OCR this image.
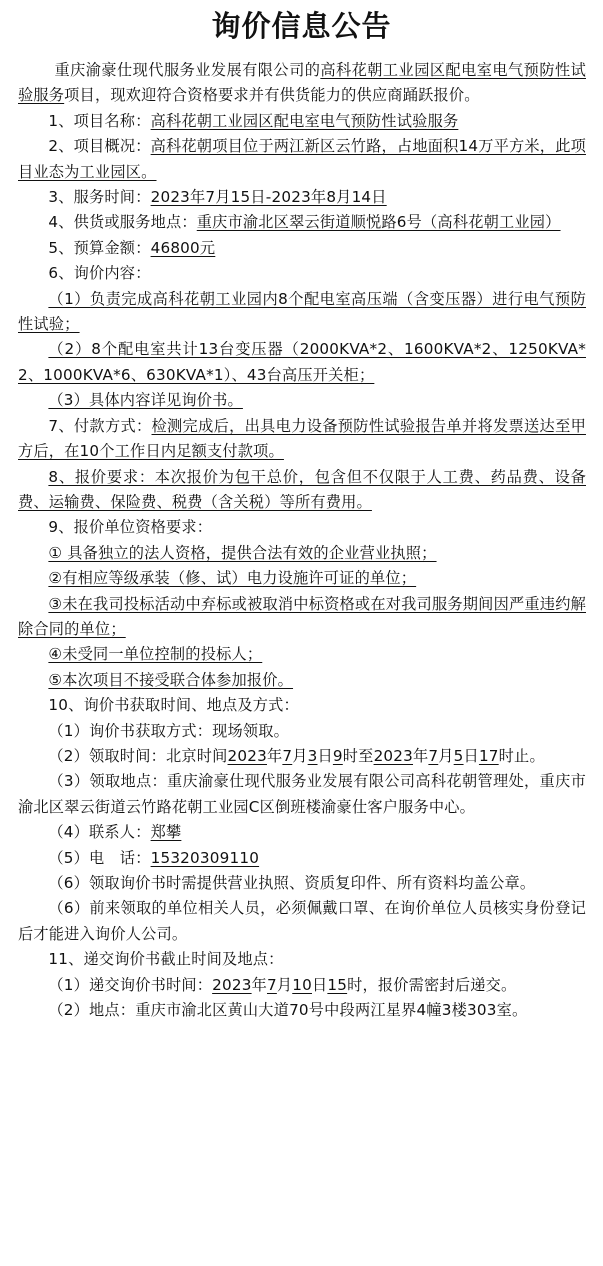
询价信息公告

重庆渝豪仕现代服务业发展有限公司的高科花朝工业园区配电室电气预防性试验服务项目，现欢迎符合资格要求并有供货能力的供应商踊跃报价。

1、项目名称：高科花朝工业园区配电室电气预防性试验服务

2、项目概况：高科花朝项目位于两江新区云竹路，占地面积14万平方米，此项目业态为工业园区。

3、服务时间：2023年7月15日-2023年8月14日

4、供货或服务地点：重庆市渝北区翠云街道顺悦路6号（高科花朝工业园）

5、预算金额：46800元

6、询价内容：

（1）负责完成高科花朝工业园内8个配电室高压端（含变压器）进行电气预防性试验；

（2）8个配电室共计13台变压器（2000KVA*2、1600KVA*2、1250KVA*2、1000KVA*6、630KVA*1）、43台高压开关柜；

（3）具体内容详见询价书。

7、付款方式：检测完成后，出具电力设备预防性试验报告单并将发票送达至甲方后，在10个工作日内足额支付款项。

8、报价要求：本次报价为包干总价，包含但不仅限于人工费、药品费、设备费、运输费、保险费、税费（含关税）等所有费用。

9、报价单位资格要求：

① 具备独立的法人资格，提供合法有效的企业营业执照；

②有相应等级承装（修、试）电力设施许可证的单位；

③未在我司投标活动中弃标或被取消中标资格或在对我司服务期间因严重违约解除合同的单位；

④未受同一单位控制的投标人；

⑤本次项目不接受联合体参加报价。

10、询价书获取时间、地点及方式：

（1）询价书获取方式：现场领取。

（2）领取时间：北京时间2023年7月3日9时至2023年7月5日17时止。

（3）领取地点：重庆渝豪仕现代服务业发展有限公司高科花朝管理处，重庆市渝北区翠云街道云竹路花朝工业园C区倒班楼渝豪仕客户服务中心。

（4）联系人：郑攀

（5）电　话：15320309110

（6）领取询价书时需提供营业执照、资质复印件、所有资料均盖公章。

（6）前来领取的单位相关人员，必须佩戴口罩、在询价单位人员核实身份登记后才能进入询价人公司。

11、递交询价书截止时间及地点：

（1）递交询价书时间：2023年7月10日15时，报价需密封后递交。

（2）地点：重庆市渝北区黄山大道70号中段两江星界4幢3楼303室。
